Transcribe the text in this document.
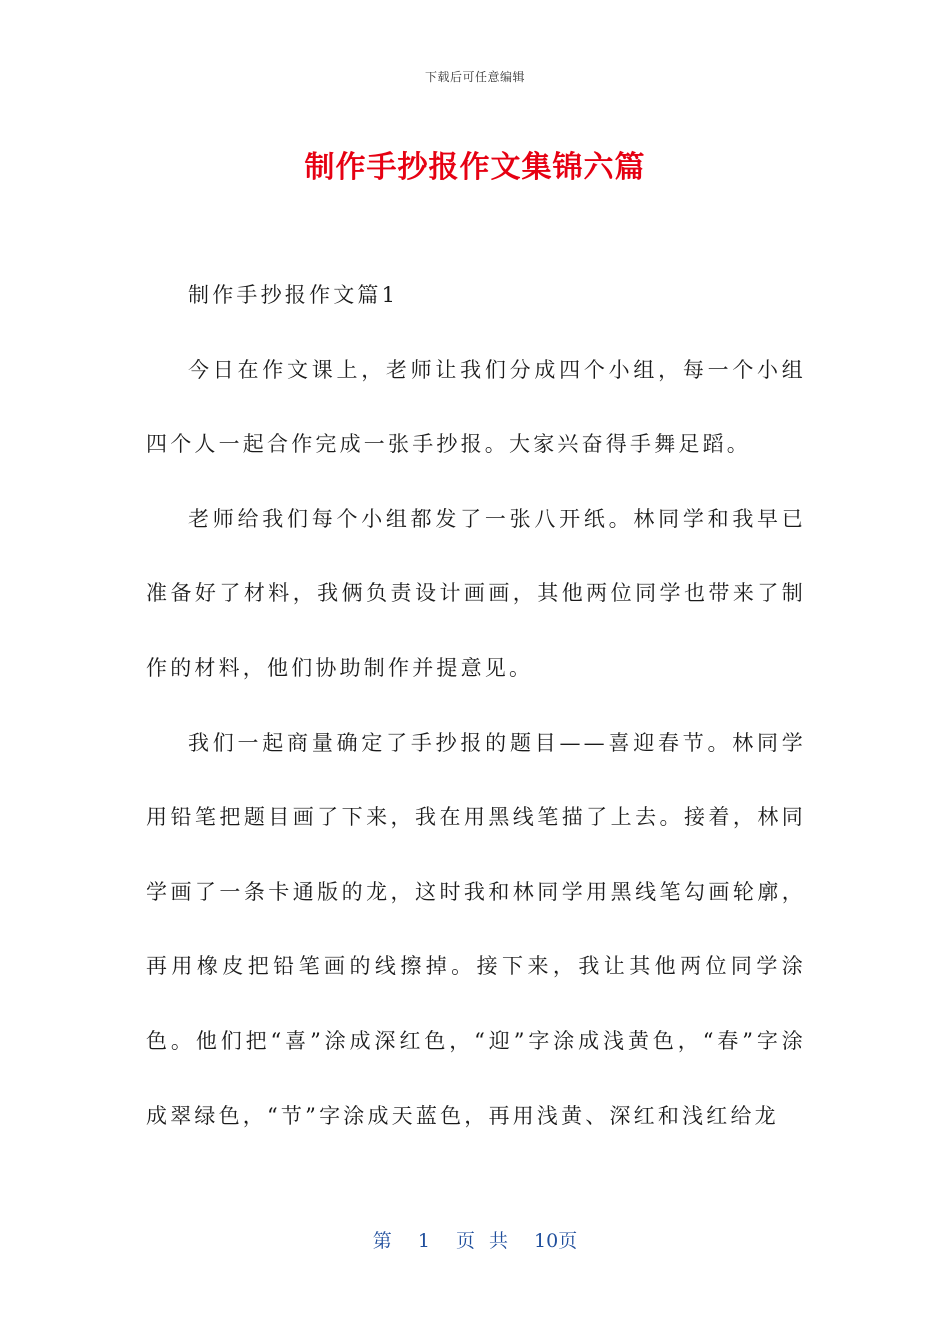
下载后可任意编辑
制作手抄报作文集锦六篇

制作手抄报作文篇1

今日在作文课上，老师让我们分成四个小组，每一个小组四个人一起合作完成一张手抄报。大家兴奋得手舞足蹈。

老师给我们每个小组都发了一张八开纸。林同学和我早已准备好了材料，我俩负责设计画画，其他两位同学也带来了制作的材料，他们协助制作并提意见。

我们一起商量确定了手抄报的题目——喜迎春节。林同学用铅笔把题目画了下来，我在用黑线笔描了上去。接着，林同学画了一条卡通版的龙，这时我和林同学用黑线笔勾画轮廓，再用橡皮把铅笔画的线擦掉。接下来，我让其他两位同学涂色。他们把“喜”涂成深红色，“迎”字涂成浅黄色，“春”字涂成翠绿色，“节”字涂成天蓝色，再用浅黄、深红和浅红给龙

第 1 页 共 10页
